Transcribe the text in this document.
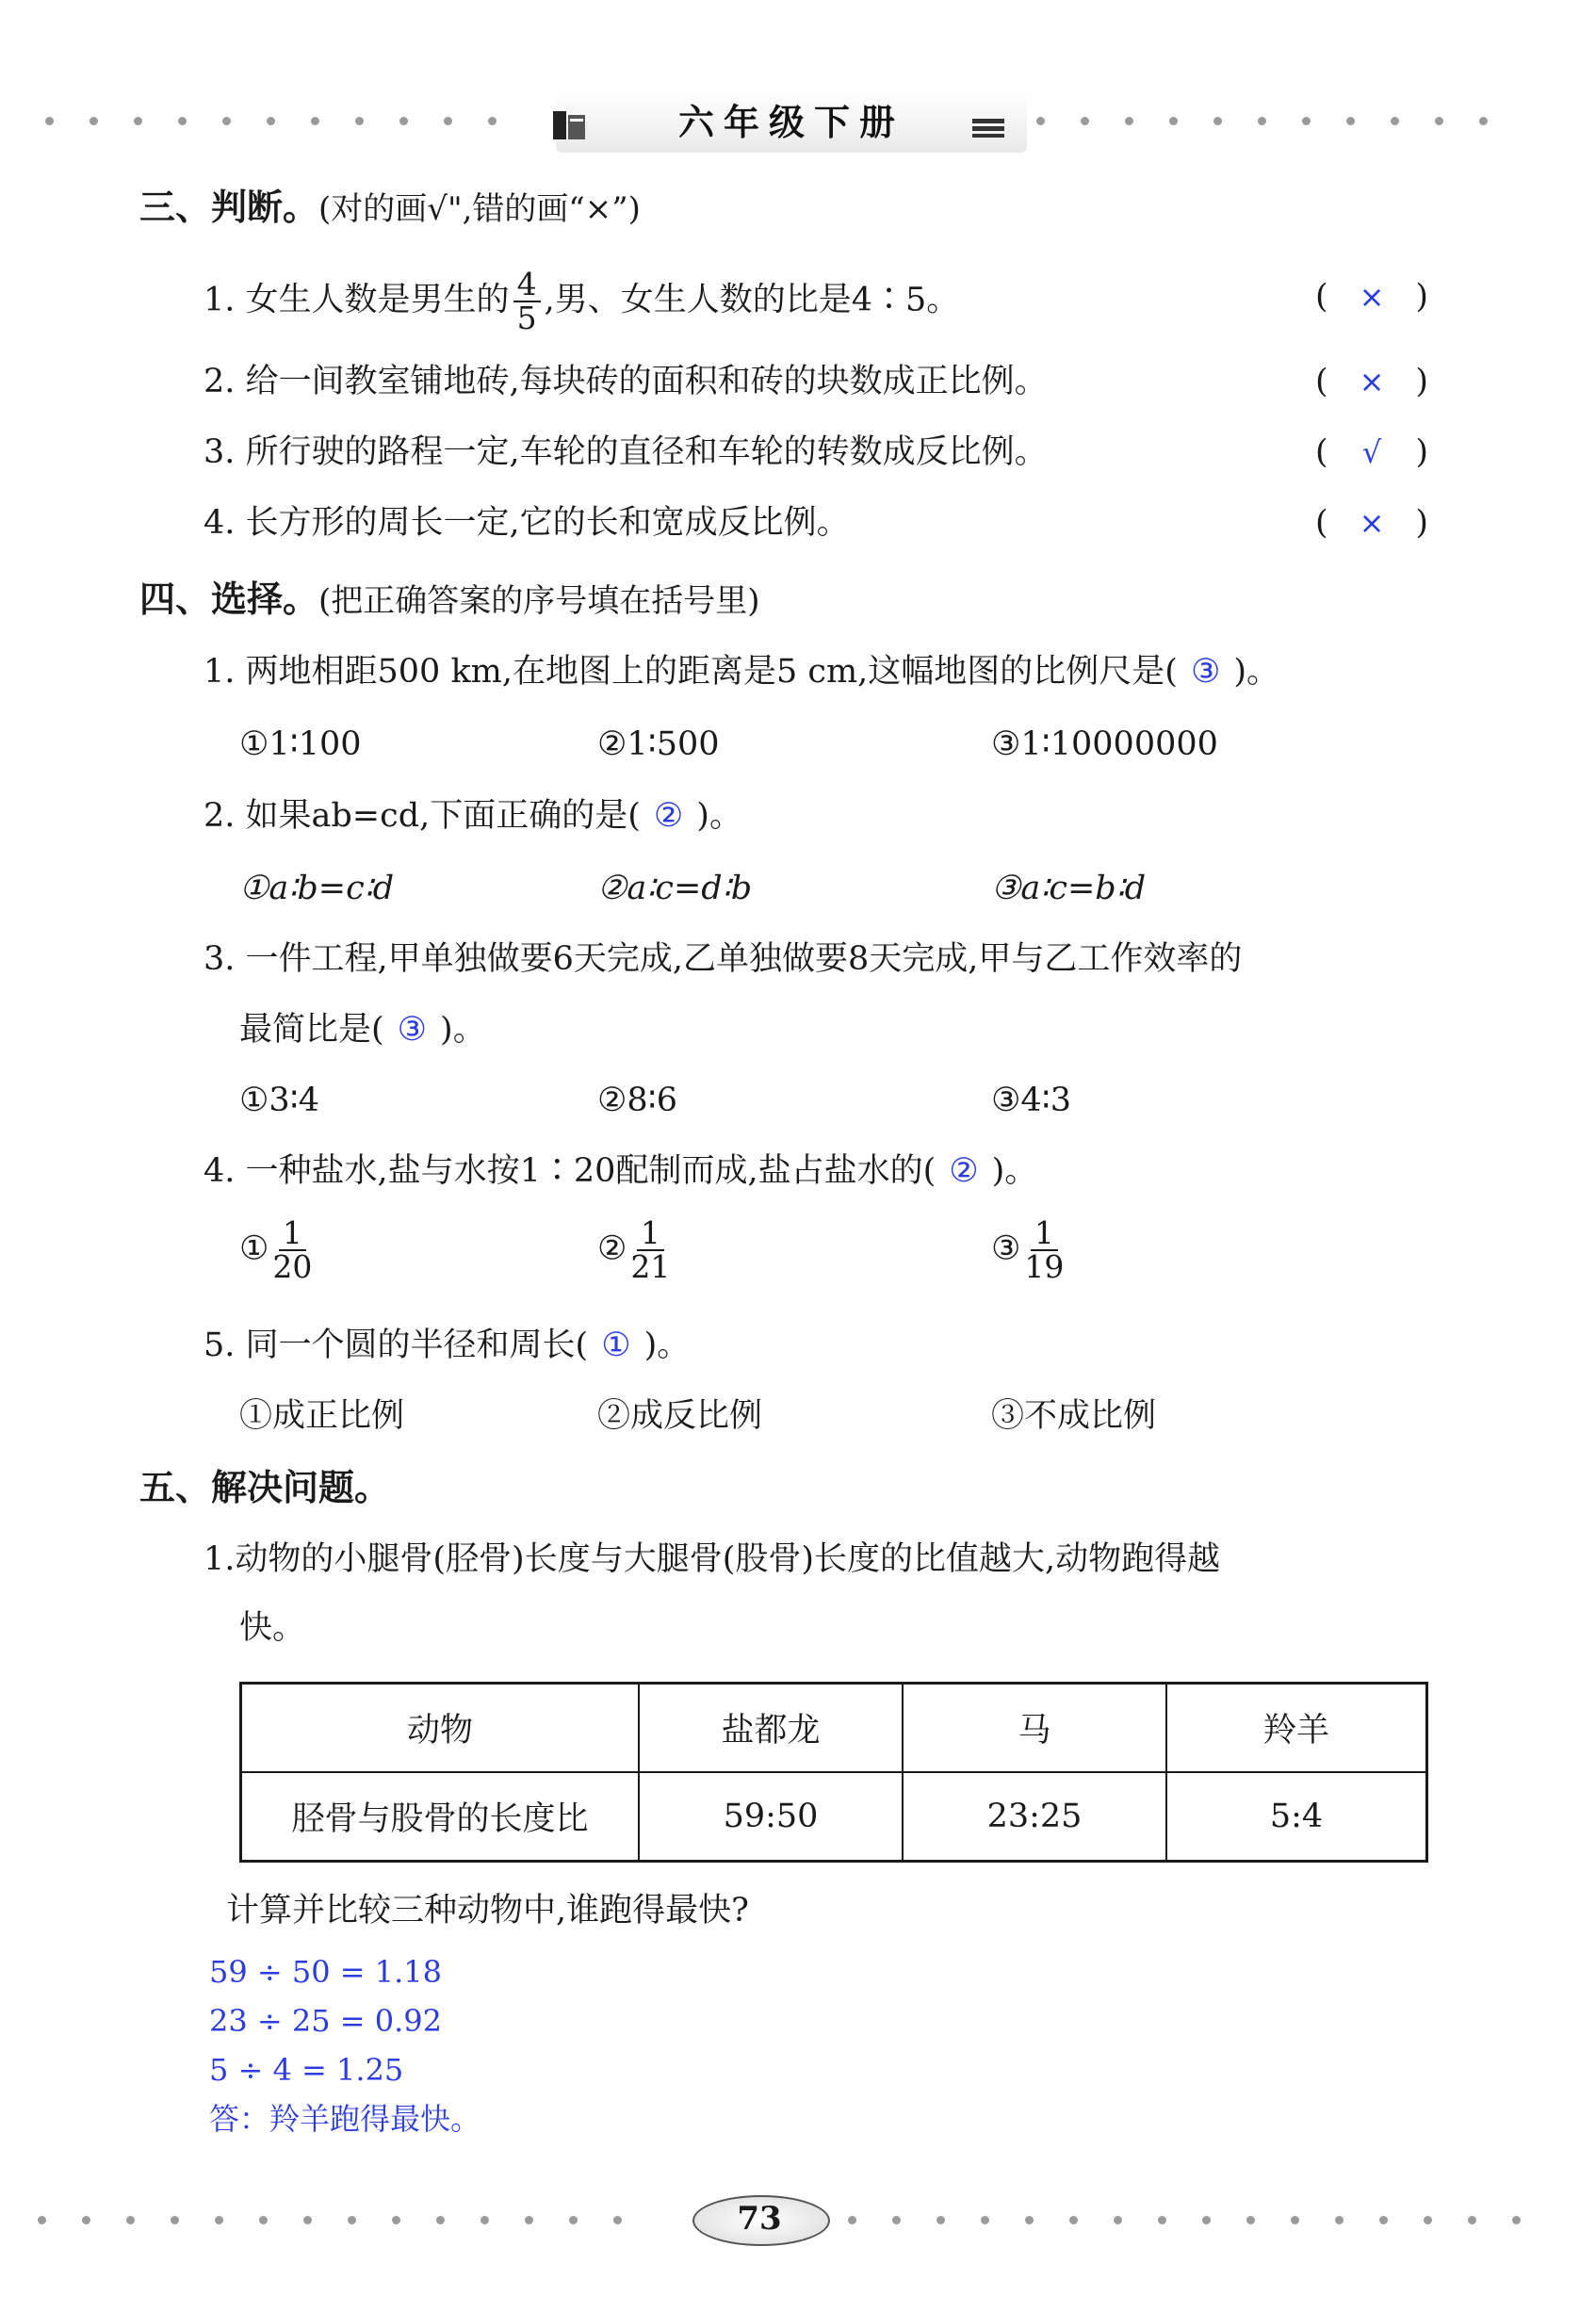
六年级下册
三、判断。(对的画√",错的画“×”)
1. 女生人数是男生的 $\frac{4}{5}$ ,男、女生人数的比是4∶5。	( × )
2. 给一间教室铺地砖,每块砖的面积和砖的块数成正比例。	( × )
3. 所行驶的路程一定,车轮的直径和车轮的转数成反比例。	( √ )
4. 长方形的周长一定,它的长和宽成反比例。	( × )
四、选择。(把正确答案的序号填在括号里)
1. 两地相距500 km,在地图上的距离是5 cm,这幅地图的比例尺是( ③ )。
①1∶100	②1∶500	③1∶10000000
2. 如果ab=cd,下面正确的是( ② )。
①a∶b=c∶d	②a∶c=d∶b	③a∶c=b∶d
3. 一件工程,甲单独做要6天完成,乙单独做要8天完成,甲与乙工作效率的
最简比是( ③ )。
①3∶4	②8∶6	③4∶3
4. 一种盐水,盐与水按1∶20配制而成,盐占盐水的( ② )。
① $\frac{1}{20}$	② $\frac{1}{21}$	③ $\frac{1}{19}$
5. 同一个圆的半径和周长( ① )。
①成正比例	②成反比例	③不成比例
五、解决问题。
1.动物的小腿骨(胫骨)长度与大腿骨(股骨)长度的比值越大,动物跑得越
快。
动物	盐都龙	马	羚羊
胫骨与股骨的长度比	59:50	23:25	5:4
计算并比较三种动物中,谁跑得最快?
59 ÷ 50 = 1.18
23 ÷ 25 = 0.92
5 ÷ 4 = 1.25
答：羚羊跑得最快。
73
